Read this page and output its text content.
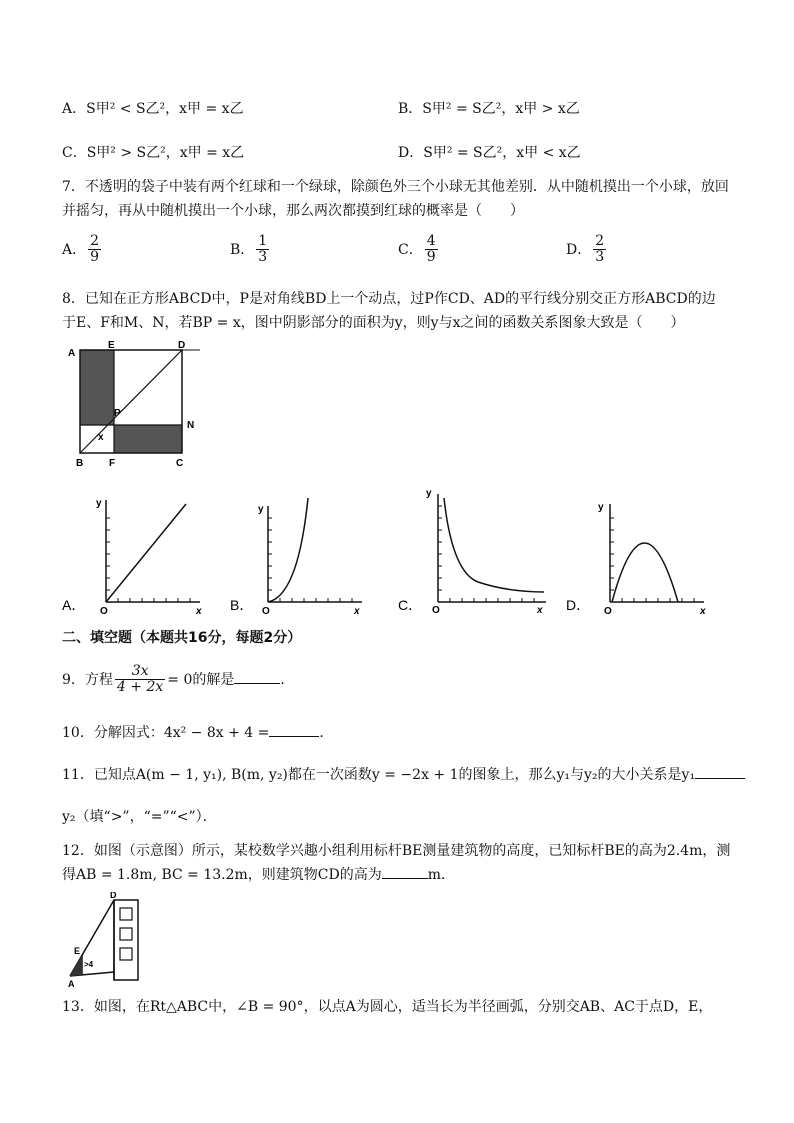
A．S甲² < S乙²，x甲 = x乙	B．S甲² = S乙²，x甲 > x乙
C．S甲² > S乙²，x甲 = x乙	D．S甲² = S乙²，x甲 < x乙
7．不透明的袋子中装有两个红球和一个绿球，除颜色外三个小球无其他差别．从中随机摸出一个小球，放回
并摇匀，再从中随机摸出一个小球，那么两次都摸到红球的概率是（　　）
A． $\frac{2}{9}$	B． $\frac{1}{3}$	C． $\frac{4}{9}$	D． $\frac{2}{3}$
8．已知在正方形ABCD中，P是对角线BD上一个动点，过P作CD、AD的平行线分别交正方形ABCD的边
于E、F和M、N，若BP = x，图中阴影部分的面积为y，则y与x之间的函数关系图象大致是（　　）
A
E	D
P
N
x
B	F	C
y
x
O
A．
y
x
O
B．
y
x
O
C．
y
x
O
D．
二、填空题（本题共16分，每题2分）
9．方程 $\frac{3x}{4 + 2x} = 0$的解是	．
10．分解因式：4x² − 8x + 4 =	．
11．已知点A(m − 1, y₁), B(m, y₂)都在一次函数y = −2x + 1的图象上，那么y₁与y₂的大小关系是y₁
y₂（填“>”，“=”“<”）．
12．如图（示意图）所示，某校数学兴趣小组利用标杆BE测量建筑物的高度，已知标杆BE的高为2.4m，测
得AB = 1.8m, BC = 13.2m，则建筑物CD的高为	m．
D
E
>4
A
13．如图，在Rt△ABC中，∠B = 90°，以点A为圆心，适当长为半径画弧，分别交AB、AC于点D，E，
